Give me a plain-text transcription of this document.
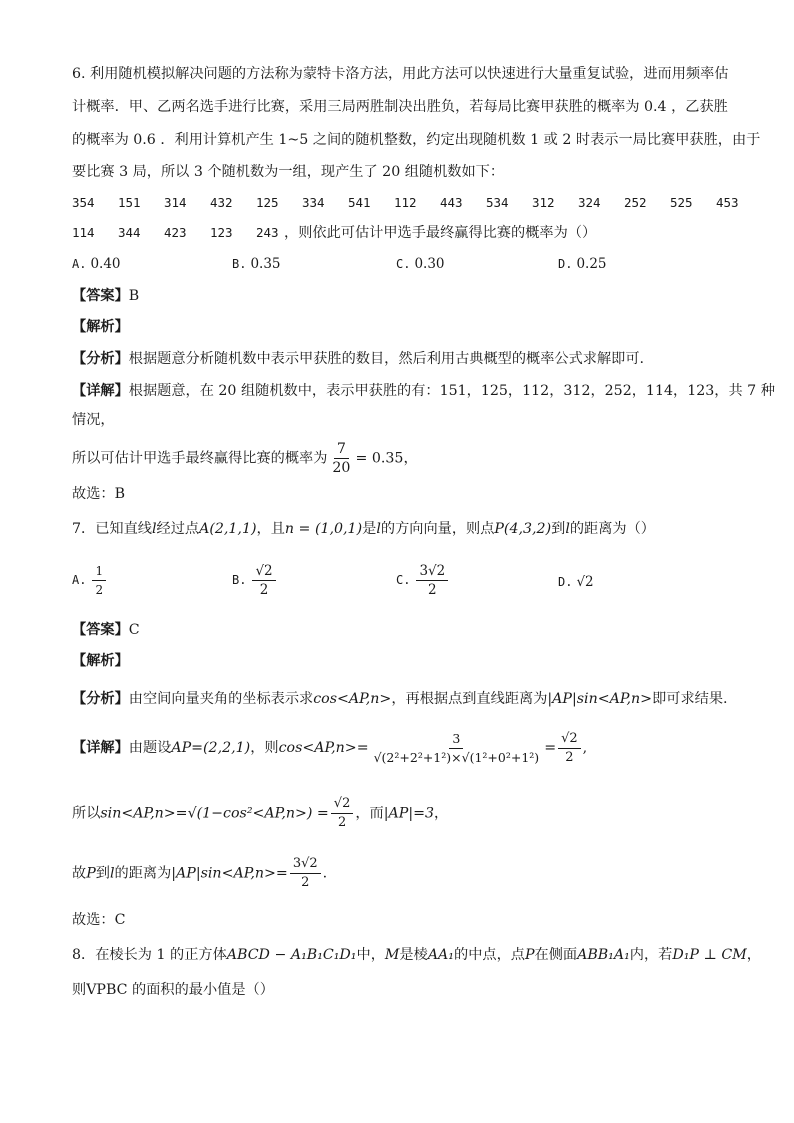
6. 利用随机模拟解决问题的方法称为蒙特卡洛方法，用此方法可以快速进行大量重复试验，进而用频率估
计概率．甲、乙两名选手进行比赛，采用三局两胜制决出胜负，若每局比赛甲获胜的概率为 0.4 ，乙获胜
的概率为 0.6 ．利用计算机产生 1~5 之间的随机整数，约定出现随机数 1 或 2 时表示一局比赛甲获胜，由于
要比赛 3 局，所以 3 个随机数为一组，现产生了 20 组随机数如下：
354 151 314 432 125 334 541 112 443 534 312 324 252 525 453
114 344 423 123 243 ，则依此可估计甲选手最终赢得比赛的概率为（）
A. 0.40	B. 0.35	C. 0.30	D. 0.25
【答案】B
【解析】
【分析】根据题意分析随机数中表示甲获胜的数目，然后利用古典概型的概率公式求解即可.
【详解】根据题意，在 20 组随机数中，表示甲获胜的有：151，125，112，312，252，114，123，共 7 种
情况，
所以可估计甲选手最终赢得比赛的概率为 $\frac{7}{20} = 0.35$，
故选：B
7．已知直线l经过点A(2,1,1)，且n = (1,0,1)是l的方向向量，则点P(4,3,2)到l的距离为（）
A. $\frac{1}{2}$	B. $\frac{√2}{2}$	C. $\frac{3√2}{2}$	D. √2
【答案】C
【解析】
【分析】由空间向量夹角的坐标表示求cos<AP,n>，再根据点到直线距离为|AP|sin<AP,n>即可求结果.
【详解】由题设AP=(2,2,1)，则$\cos<AP,n>= \frac{3}{\text{√(2²+2²+1²)×√(1²+0²+1²)}} = \frac{√2}{2}$ ,
所以$\sin<AP,n>=√(1-\cos^2<AP,n>) = \frac{√2}{2}$ ，而|AP|=3，
故P到l的距离为$|AP|\sin<AP,n>= \frac{3√2}{2}$ .
故选：C
8．在棱长为 1 的正方体ABCD − A₁B₁C₁D₁中，M是棱AA₁的中点，点P在侧面ABB₁A₁内，若D₁P ⊥ CM，
则VPBC 的面积的最小值是（）
